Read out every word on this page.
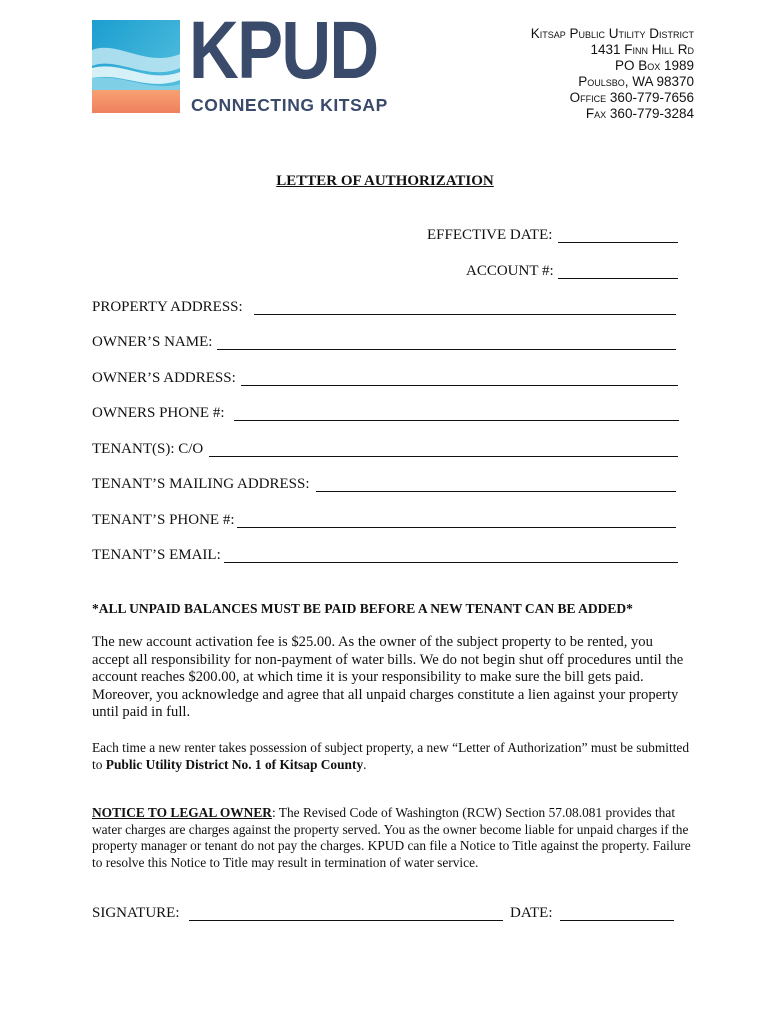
KPUD
CONNECTING KITSAP
Kitsap Public Utility District
1431 Finn Hill Rd
PO Box 1989
Poulsbo, WA 98370
Office 360-779-7656
Fax 360-779-3284
LETTER OF AUTHORIZATION
EFFECTIVE DATE:
ACCOUNT #:
PROPERTY ADDRESS:
OWNER’S NAME:
OWNER’S ADDRESS:
OWNERS PHONE #:
TENANT(S): C/O
TENANT’S MAILING ADDRESS:
TENANT’S PHONE #:
TENANT’S EMAIL:
*ALL UNPAID BALANCES MUST BE PAID BEFORE A NEW TENANT CAN BE ADDED*

The new account activation fee is $25.00. As the owner of the subject property to be rented, you accept all responsibility for non-payment of water bills. We do not begin shut off procedures until the account reaches $200.00, at which time it is your responsibility to make sure the bill gets paid. Moreover, you acknowledge and agree that all unpaid charges constitute a lien against your property until paid in full.

Each time a new renter takes possession of subject property, a new “Letter of Authorization” must be submitted to Public Utility District No. 1 of Kitsap County.

NOTICE TO LEGAL OWNER: The Revised Code of Washington (RCW) Section 57.08.081 provides that water charges are charges against the property served. You as the owner become liable for unpaid charges if the property manager or tenant do not pay the charges. KPUD can file a Notice to Title against the property. Failure to resolve this Notice to Title may result in termination of water service.

SIGNATURE:	DATE:
